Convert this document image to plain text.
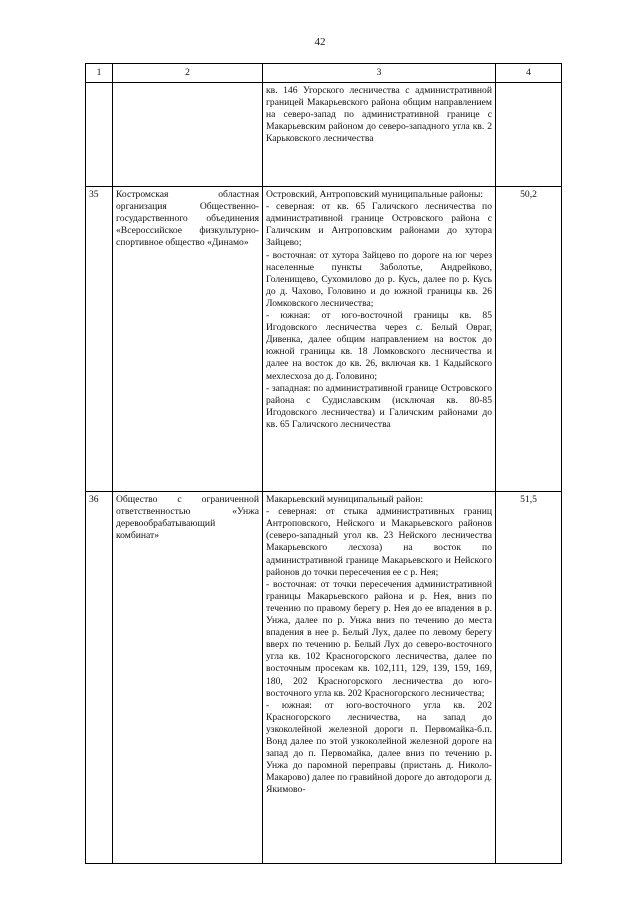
42
1	2	3	4

		кв. 146 Угорского лесничества с административной границей Макарьевского района общим направлением на северо-запад по административной границе с Макарьевским районом до северо-западного угла кв. 2 Карьковского лесничества	

35	Костромская областная организация Общественно-государственного объединения «Всероссийское физкультурно-спортивное общество «Динамо»	Островский, Антроповский муниципальные районы:
- северная: от кв. 65 Галичского лесничества по административной границе Островского района с Галичским и Антроповским районами до хутора Зайцево;
- восточная: от хутора Зайцево по дороге на юг через населенные пункты Заболотье, Андрейково, Голенищево, Сухомилово до р. Кусь, далее по р. Кусь до д. Чахово, Головино и до южной границы кв. 26 Ломковского лесничества;
- южная: от юго-восточной границы кв. 85 Игодовского лесничества через с. Белый Овраг, Дивенка, далее общим направлением на восток до южной границы кв. 18 Ломковского лесничества и далее на восток до кв. 26, включая кв. 1 Кадыйского мехлесхоза до д. Головино;
- западная: по административной границе Островского района с Судиславским (исключая кв. 80-85 Игодовского лесничества) и Галичским районами до кв. 65 Галичского лесничества	50,2
36	Общество с ограниченной ответственностью «Унжа деревообрабатывающий комбинат»	Макарьевский муниципальный район:
- северная: от стыка административных границ Антроповского, Нейского и Макарьевского районов (северо-западный угол кв. 23 Нейского лесничества Макарьевского лесхоза) на восток по административной границе Макарьевского и Нейского районов до точки пересечения ее с р. Нея;
- восточная: от точки пересечения административной границы Макарьевского района и р. Нея, вниз по течению по правому берегу р. Нея до ее впадения в р. Унжа, далее по р. Унжа вниз по течению до места впадения в нее р. Белый Лух, далее по левому берегу вверх по течению р. Белый Лух до северо-восточного угла кв. 102 Красногорского лесничества, далее по восточным просекам кв. 102,111, 129, 139, 159, 169, 180, 202 Красногорского лесничества до юго-восточного угла кв. 202 Красногорского лесничества;
- южная: от юго-восточного угла кв. 202 Красногорского лесничества, на запад до узкоколейной железной дороги п. Первомайка-б.п. Вонд далее по этой узкоколейной железной дороге на запад до п. Первомайка, далее вниз по течению р. Унжа до паромной переправы (пристань д. Николо-Макарово) далее по гравийной дороге до автодороги д. Якимово-	51,5
